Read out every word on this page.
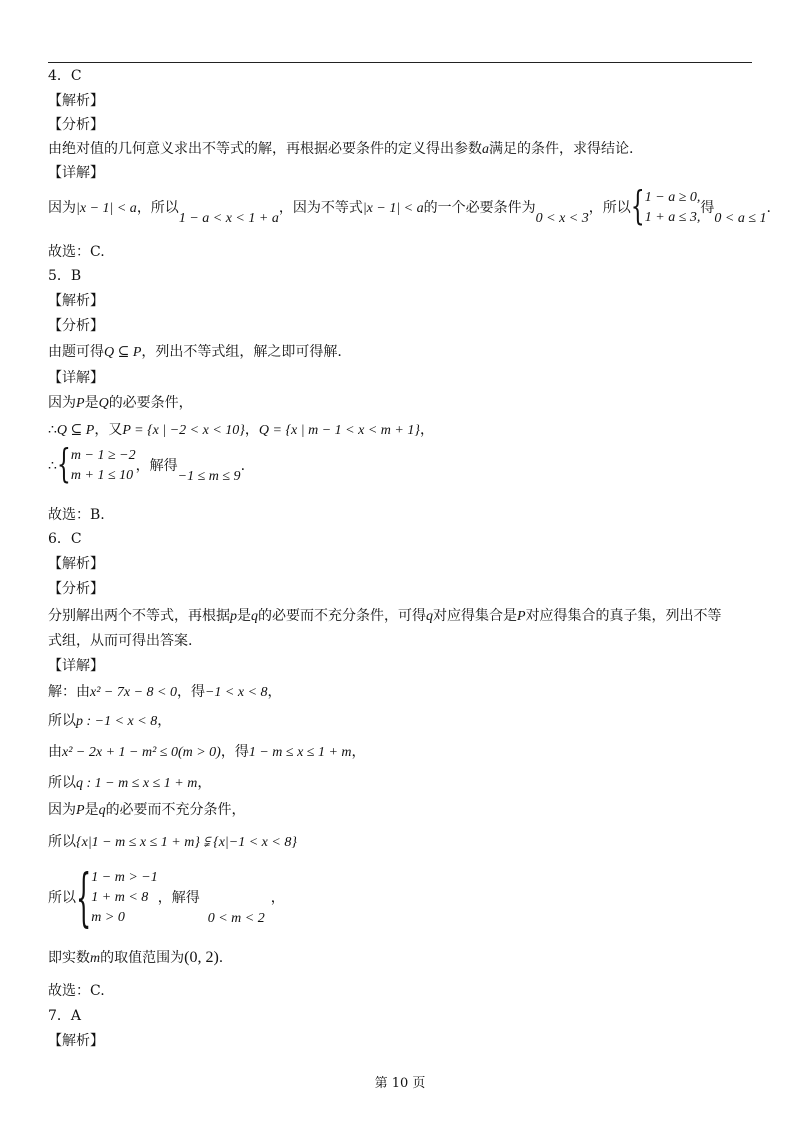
4．C
【解析】
【分析】
由绝对值的几何意义求出不等式的解，再根据必要条件的定义得出参数a满足的条件，求得结论.
【详解】
因为|x − 1| < a，所以1 − a < x < 1 + a，因为不等式|x − 1| < a的一个必要条件为0 < x < 3，所以 { 1 − a ≥ 0,
1 + a ≤ 3,
得0 < a ≤ 1.
故选：C.
5．B
【解析】
【分析】
由题可得Q ⊆ P，列出不等式组，解之即可得解.
【详解】
因为P是Q的必要条件，
∴Q ⊆ P，又P = {x | −2 < x < 10}，Q = {x | m − 1 < x < m + 1}，
∴ { m − 1 ≥ −2
m + 1 ≤ 10
，解得−1 ≤ m ≤ 9.
故选：B.
6．C
【解析】
【分析】
分别解出两个不等式，再根据p是q的必要而不充分条件，可得q对应得集合是P对应得集合的真子集，列出不等
式组，从而可得出答案.
【详解】
解：由x² − 7x − 8 < 0，得−1 < x < 8，
所以p : −1 < x < 8，
由x² − 2x + 1 − m² ≤ 0(m > 0)，得1 − m ≤ x ≤ 1 + m，
所以q : 1 − m ≤ x ≤ 1 + m，
因为P是q的必要而不充分条件，
所以{x|1 − m ≤ x ≤ 1 + m} ⫋ {x|−1 < x < 8}
所以 { 1 − m > −1
1 + m < 8
m > 0
，解得0 < m < 2，
即实数m的取值范围为(0, 2).
故选：C.
7．A
【解析】
第 10 页
